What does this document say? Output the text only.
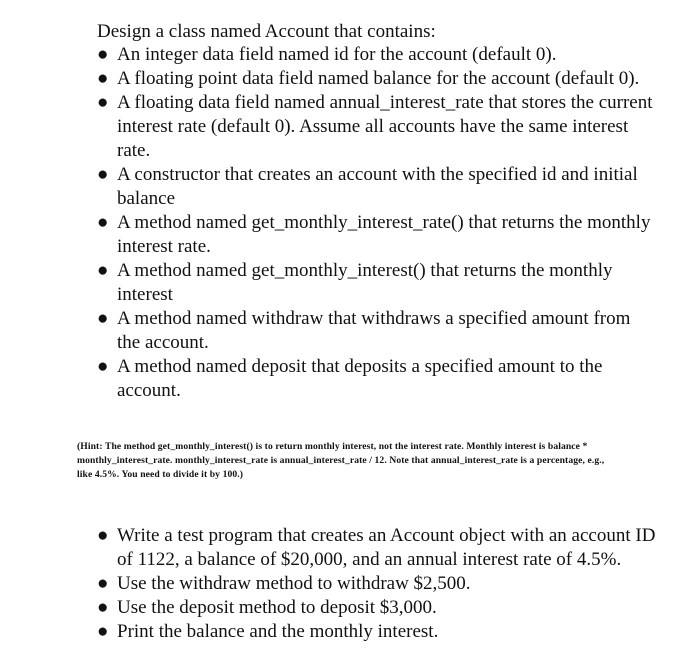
Design a class named Account that contains:

● An integer data field named id for the account (default 0).
● A floating point data field named balance for the account (default 0).
● A floating data field named annual_interest_rate that stores the current interest rate (default 0). Assume all accounts have the same interest rate.
● A constructor that creates an account with the specified id and initial balance
● A method named get_monthly_interest_rate() that returns the monthly interest rate.
● A method named get_monthly_interest() that returns the monthly interest
● A method named withdraw that withdraws a specified amount from the account.
● A method named deposit that deposits a specified amount to the account.

(Hint: The method get_monthly_interest() is to return monthly interest, not the interest rate. Monthly interest is balance * monthly_interest_rate. monthly_interest_rate is annual_interest_rate / 12. Note that annual_interest_rate is a percentage, e.g., like 4.5%. You need to divide it by 100.)

● Write a test program that creates an Account object with an account ID of 1122, a balance of $20,000, and an annual interest rate of 4.5%.
● Use the withdraw method to withdraw $2,500.
● Use the deposit method to deposit $3,000.
● Print the balance and the monthly interest.
